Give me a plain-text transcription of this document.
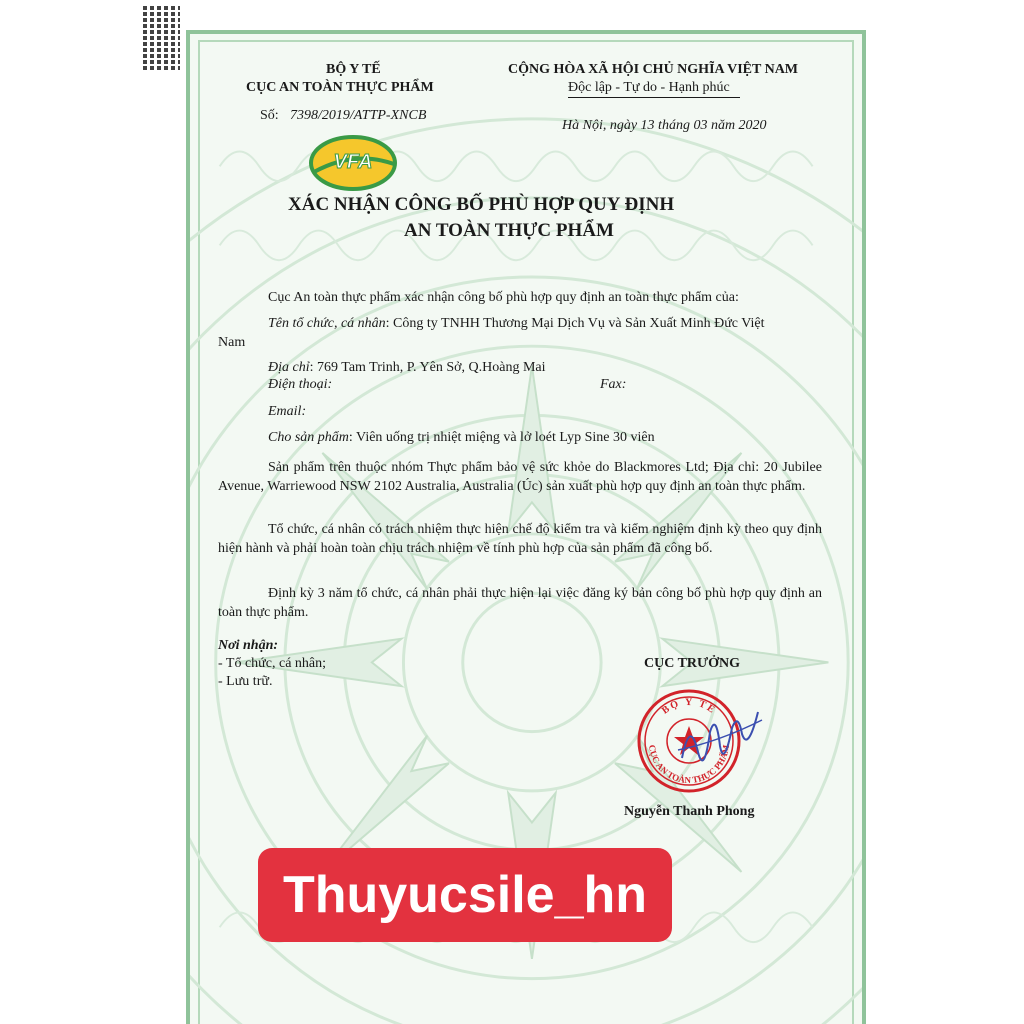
BỘ Y TẾ
CỤC AN TOÀN THỰC PHẨM
Số: 7398/2019/ATTP-XNCB
CỘNG HÒA XÃ HỘI CHỦ NGHĨA VIỆT NAM
Độc lập - Tự do - Hạnh phúc
Hà Nội, ngày 13 tháng 03 năm 2020
VFA
XÁC NHẬN CÔNG BỐ PHÙ HỢP QUY ĐỊNH
AN TOÀN THỰC PHẨM
Cục An toàn thực phẩm xác nhận công bố phù hợp quy định an toàn thực phẩm của:
Tên tổ chức, cá nhân: Công ty TNHH Thương Mại Dịch Vụ và Sản Xuất Minh Đức Việt
Nam
Địa chỉ: 769 Tam Trinh, P. Yên Sở, Q.Hoàng Mai
Điện thoại:	Fax:
Email:
Cho sản phẩm: Viên uống trị nhiệt miệng và lở loét Lyp Sine 30 viên
Sản phẩm trên thuộc nhóm Thực phẩm bảo vệ sức khỏe do Blackmores Ltd; Địa chỉ: 20 Jubilee Avenue, Warriewood NSW 2102 Australia, Australia (Úc) sản xuất phù hợp quy định an toàn thực phẩm.
Tổ chức, cá nhân có trách nhiệm thực hiện chế độ kiểm tra và kiểm nghiệm định kỳ theo quy định hiện hành và phải hoàn toàn chịu trách nhiệm về tính phù hợp của sản phẩm đã công bố.
Định kỳ 3 năm tổ chức, cá nhân phải thực hiện lại việc đăng ký bản công bố phù hợp quy định an toàn thực phẩm.
Nơi nhận:
- Tổ chức, cá nhân;
- Lưu trữ.
CỤC TRƯỞNG
BỘ Y TẾ
CỤC AN TOÀN THỰC PHẨM
Nguyễn Thanh Phong
Thuyucsile_hn
